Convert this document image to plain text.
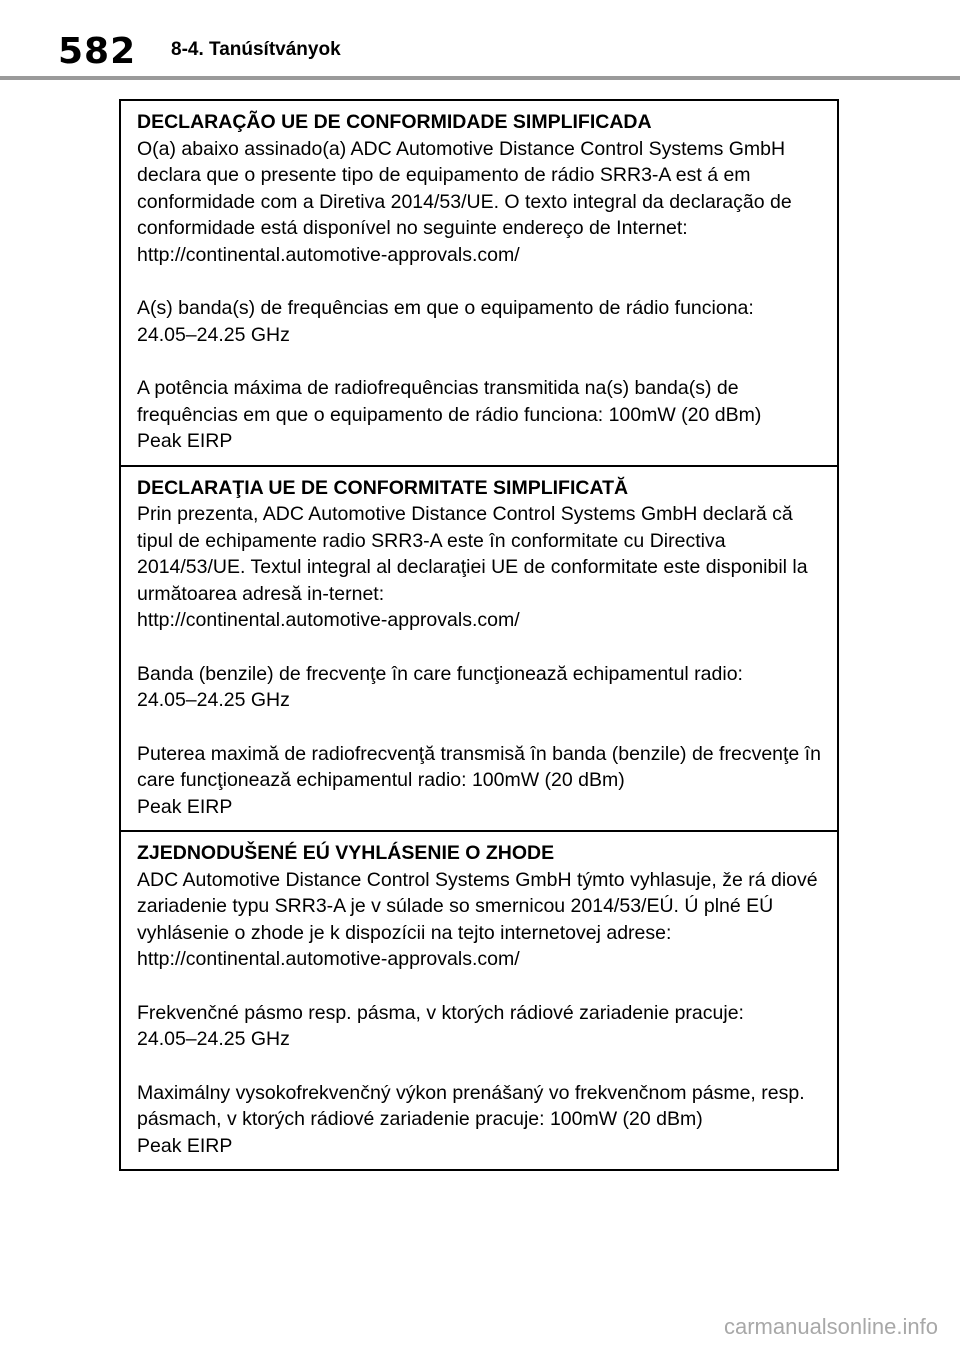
582 8-4. Tanúsítványok

DECLARAÇÃO UE DE CONFORMIDADE SIMPLIFICADA
O(a) abaixo assinado(a) ADC Automotive Distance Control Systems GmbH declara que o presente tipo de equipamento de rádio SRR3-A est á em conformidade com a Diretiva 2014/53/UE. O texto integral da declaração de conformidade está disponível no seguinte endereço de Internet:
http://continental.automotive-approvals.com/

A(s) banda(s) de frequências em que o equipamento de rádio funciona:
24.05–24.25 GHz

A potência máxima de radiofrequências transmitida na(s) banda(s) de frequências em que o equipamento de rádio funciona: 100mW (20 dBm)
Peak EIRP

DECLARAŢIA UE DE CONFORMITATE SIMPLIFICATĂ
Prin prezenta, ADC Automotive Distance Control Systems GmbH declară că tipul de echipamente radio SRR3-A este în conformitate cu Directiva 2014/53/UE. Textul integral al declaraţiei UE de conformitate este disponibil la următoarea adresă in-ternet:
http://continental.automotive-approvals.com/

Banda (benzile) de frecvenţe în care funcţionează echipamentul radio:
24.05–24.25 GHz

Puterea maximă de radiofrecvenţă transmisă în banda (benzile) de frecvenţe în care funcţionează echipamentul radio: 100mW (20 dBm)
Peak EIRP

ZJEDNODUŠENÉ EÚ VYHLÁSENIE O ZHODE
ADC Automotive Distance Control Systems GmbH týmto vyhlasuje, že rá diové zariadenie typu SRR3-A je v súlade so smernicou 2014/53/EÚ. Ú plné EÚ vyhlásenie o zhode je k dispozícii na tejto internetovej adrese:
http://continental.automotive-approvals.com/

Frekvenčné pásmo resp. pásma, v ktorých rádiové zariadenie pracuje:
24.05–24.25 GHz

Maximálny vysokofrekvenčný výkon prenášaný vo frekvenčnom pásme, resp. pásmach, v ktorých rádiové zariadenie pracuje: 100mW (20 dBm)
Peak EIRP

carmanualsonline.info
